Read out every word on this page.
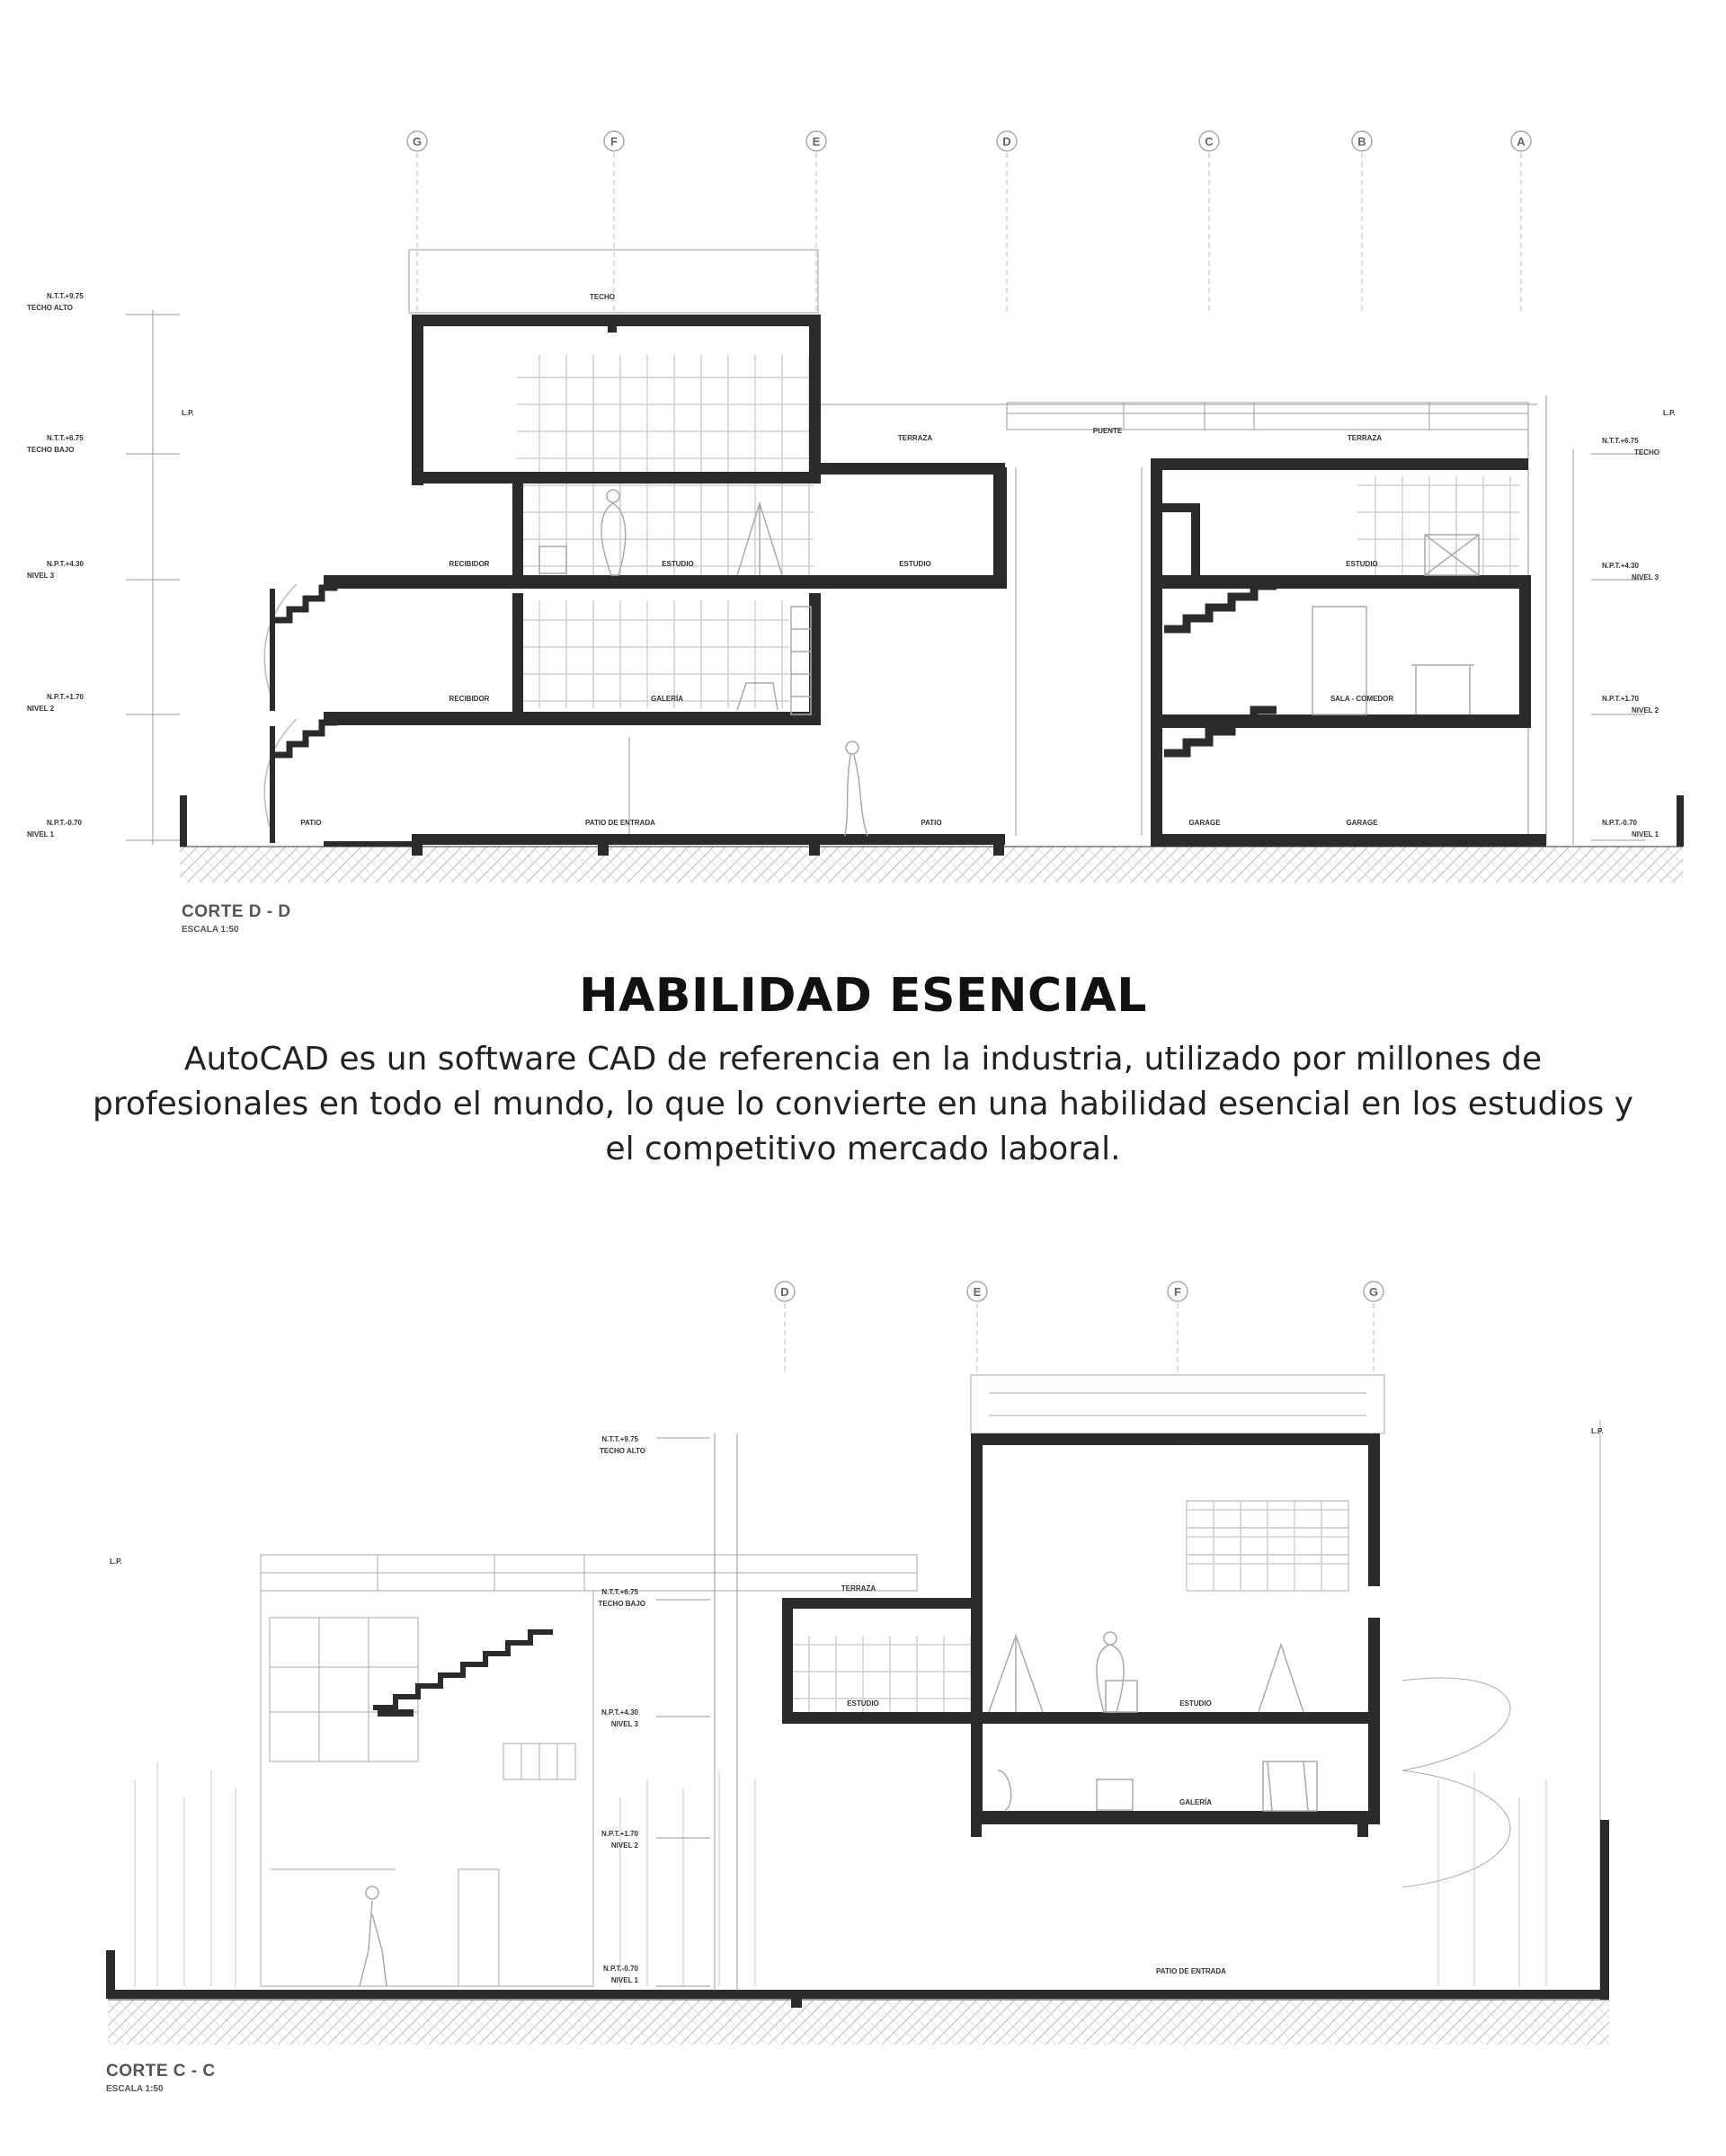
G	F	E	D	C	B	A
N.T.T.+9.75
TECHO ALTO
N.T.T.+6.75
TECHO BAJO
N.P.T.+4.30
NIVEL 3
N.P.T.+1.70
NIVEL 2
N.P.T.-0.70
NIVEL 1
L.P.
N.T.T.+6.75
TECHO
N.P.T.+4.30
NIVEL 3
N.P.T.+1.70
NIVEL 2
N.P.T.-0.70
NIVEL 1
L.P.
TECHO
TERRAZA
PUENTE
TERRAZA
RECIBIDOR	ESTUDIO	ESTUDIO	ESTUDIO
RECIBIDOR	GALERÍA	SALA - COMEDOR
PATIO	PATIO DE ENTRADA	PATIO	GARAGE	GARAGE
CORTE D - D
ESCALA 1:50
HABILIDAD ESENCIAL
AutoCAD es un software CAD de referencia en la industria, utilizado por millones de profesionales en todo el mundo, lo que lo convierte en una habilidad esencial en los estudios y el competitivo mercado laboral.
D	E	F	G
N.T.T.+9.75
TECHO ALTO
N.T.T.+6.75
TECHO BAJO
N.P.T.+4.30
NIVEL 3
N.P.T.+1.70
NIVEL 2
N.P.T.-0.70
NIVEL 1
L.P.
L.P.
TECHO
TERRAZA
ESTUDIO	ESTUDIO
GALERÍA
PATIO DE ENTRADA
CORTE C - C
ESCALA 1:50
